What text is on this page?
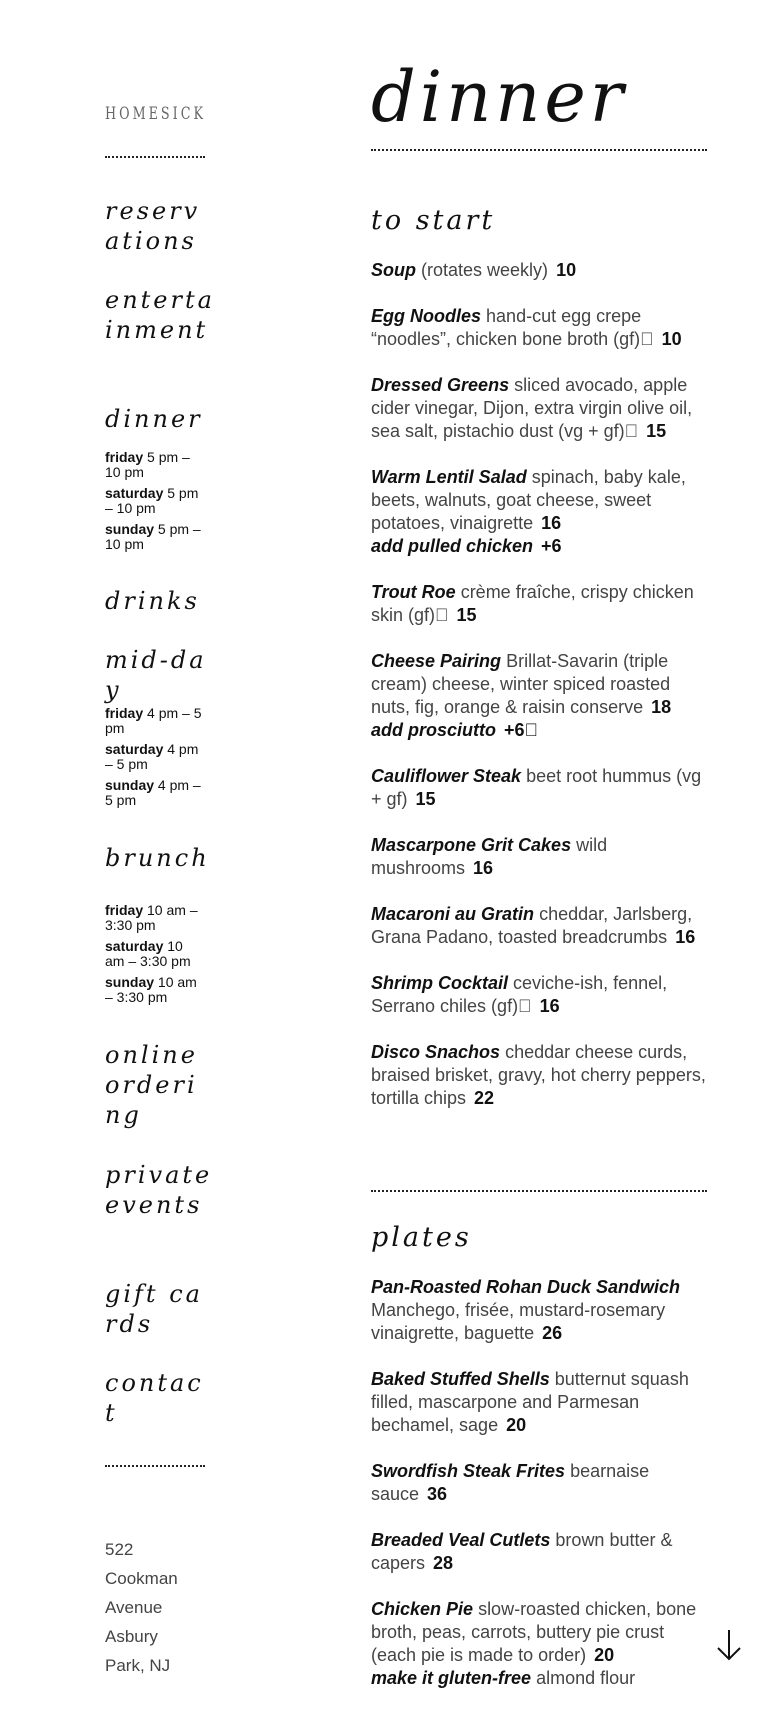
HOMESICK
reservations
entertainment
dinner
friday 5 pm – 10 pm
saturday 5 pm – 10 pm
sunday 5 pm – 10 pm
drinks
mid-day
friday 4 pm – 5 pm
saturday 4 pm – 5 pm
sunday 4 pm – 5 pm
brunch
friday 10 am – 3:30 pm
saturday 10 am – 3:30 pm
sunday 10 am – 3:30 pm
online ordering
private events
gift cards
contact
522
Cookman
Avenue
Asbury
Park, NJ
dinner
to start
Soup (rotates weekly) 10
Egg Noodles hand-cut egg crepe “noodles”, chicken bone broth (gf)  10
Dressed Greens sliced avocado, apple cider vinegar, Dijon, extra virgin olive oil, sea salt, pistachio dust (vg + gf)  15
Warm Lentil Salad spinach, baby kale, beets, walnuts, goat cheese, sweet potatoes, vinaigrette 16
add pulled chicken +6
Trout Roe crème fraîche, crispy chicken skin (gf)  15
Cheese Pairing Brillat-Savarin (triple cream) cheese, winter spiced roasted nuts, fig, orange & raisin conserve 18
add prosciutto +6 
Cauliflower Steak beet root hummus (vg + gf) 15
Mascarpone Grit Cakes wild mushrooms 16
Macaroni au Gratin cheddar, Jarlsberg, Grana Padano, toasted breadcrumbs 16
Shrimp Cocktail ceviche-ish, fennel, Serrano chiles (gf)  16
Disco Snachos cheddar cheese curds, braised brisket, gravy, hot cherry peppers, tortilla chips 22
plates
Pan-Roasted Rohan Duck Sandwich Manchego, frisée, mustard-rosemary vinaigrette, baguette 26
Baked Stuffed Shells butternut squash filled, mascarpone and Parmesan bechamel, sage 20
Swordfish Steak Frites bearnaise sauce 36
Breaded Veal Cutlets brown butter & capers 28
Chicken Pie slow-roasted chicken, bone broth, peas, carrots, buttery pie crust (each pie is made to order) 20
make it gluten-free almond flour
